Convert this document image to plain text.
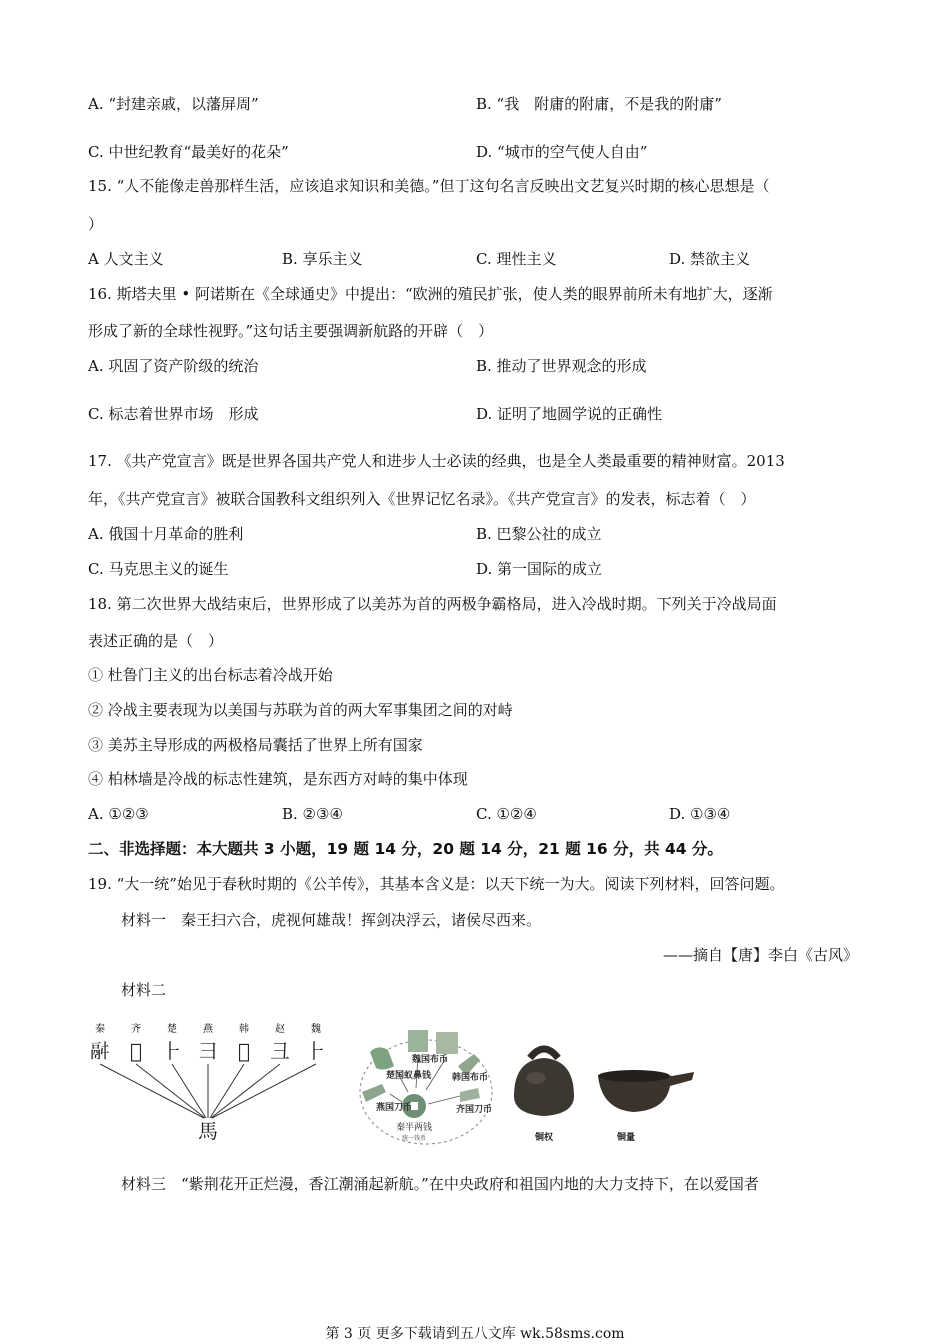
A. “封建亲戚，以藩屏周”	B. “我　附庸的附庸，不是我的附庸”
C. 中世纪教育“最美好的花朵”	D. “城市的空气使人自由”
15. “人不能像走兽那样生活，应该追求知识和美德。”但丁这句名言反映出文艺复兴时期的核心思想是（
）
A 人文主义	B. 享乐主义	C. 理性主义	D. 禁欲主义
16. 斯塔夫里 • 阿诺斯在《全球通史》中提出：“欧洲的殖民扩张，使人类的眼界前所未有地扩大，逐渐
形成了新的全球性视野。”这句话主要强调新航路的开辟（　）
A. 巩固了资产阶级的统治	B. 推动了世界观念的形成
C. 标志着世界市场　形成	D. 证明了地圆学说的正确性
17. 《共产党宣言》既是世界各国共产党人和进步人士必读的经典，也是全人类最重要的精神财富。2013
年，《共产党宣言》被联合国教科文组织列入《世界记忆名录》。《共产党宣言》的发表，标志着（　）
A. 俄国十月革命的胜利	B. 巴黎公社的成立
C. 马克思主义的诞生	D. 第一国际的成立
18. 第二次世界大战结束后，世界形成了以美苏为首的两极争霸格局，进入冷战时期。下列关于冷战局面
表述正确的是（　）
① 杜鲁门主义的出台标志着冷战开始
② 冷战主要表现为以美国与苏联为首的两大军事集团之间的对峙
③ 美苏主导形成的两极格局囊括了世界上所有国家
④ 柏林墙是冷战的标志性建筑，是东西方对峙的集中体现
A. ①②③	B. ②③④	C. ①②④	D. ①③④
二、非选择题：本大题共 3 小题，19 题 14 分，20 题 14 分，21 题 16 分，共 44 分。
19. “大一统”始见于春秋时期的《公羊传》，其基本含义是：以天下统一为大。阅读下列材料，回答问题。
材料一　秦王扫六合，虎视何雄哉！挥剑决浮云，诸侯尽西来。
——摘自【唐】李白《古风》
材料二
秦	齐	楚	燕	韩	赵	魏
𩰫 𠂜 ⺊ ⺕ 𠀉 ⼹ ⺊
馬
楚国蚁鼻钱
魏国布币
燕国刀币	齐国刀币
韩国布币
秦半两钱
统一钱币	铜权	铜量
材料三　“紫荆花开正烂漫，香江潮涌起新航。”在中央政府和祖国内地的大力支持下，在以爱国者
第 3 页 更多下载请到五八文库 wk.58sms.com
